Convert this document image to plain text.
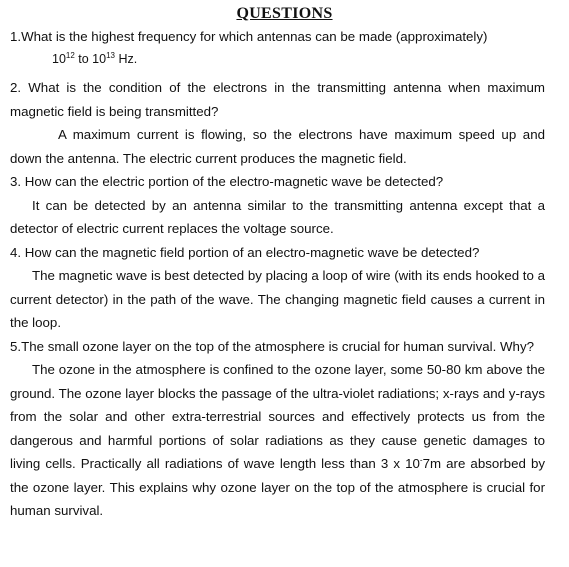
QUESTIONS

1.What is the highest frequency for which antennas can be made (approximately)

$10^{12}$ to $10^{13}$ Hz.

2. What is the condition of the electrons in the transmitting antenna when maximum magnetic field is being transmitted?

A maximum current is flowing, so the electrons have maximum speed up and down the antenna. The electric current produces the magnetic field.

3. How can the electric portion of the electro-magnetic wave be detected?

It can be detected by an antenna similar to the transmitting antenna except that a detector of electric current replaces the voltage source.

4. How can the magnetic field portion of an electro-magnetic wave be detected?

The magnetic wave is best detected by placing a loop of wire (with its ends hooked to a current detector) in the path of the wave. The changing magnetic field causes a current in the loop.

5.The small ozone layer on the top of the atmosphere is crucial for human survival. Why?

The ozone in the atmosphere is confined to the ozone layer, some 50-80 km above the ground. The ozone layer blocks the passage of the ultra-violet radiations; x-rays and y-rays from the solar and other extra-terrestrial sources and effectively protects us from the dangerous and harmful portions of solar radiations as they cause genetic damages to living cells. Practically all radiations of wave length less than 3 x 10-7m are absorbed by the ozone layer. This explains why ozone layer on the top of the atmosphere is crucial for human survival.
